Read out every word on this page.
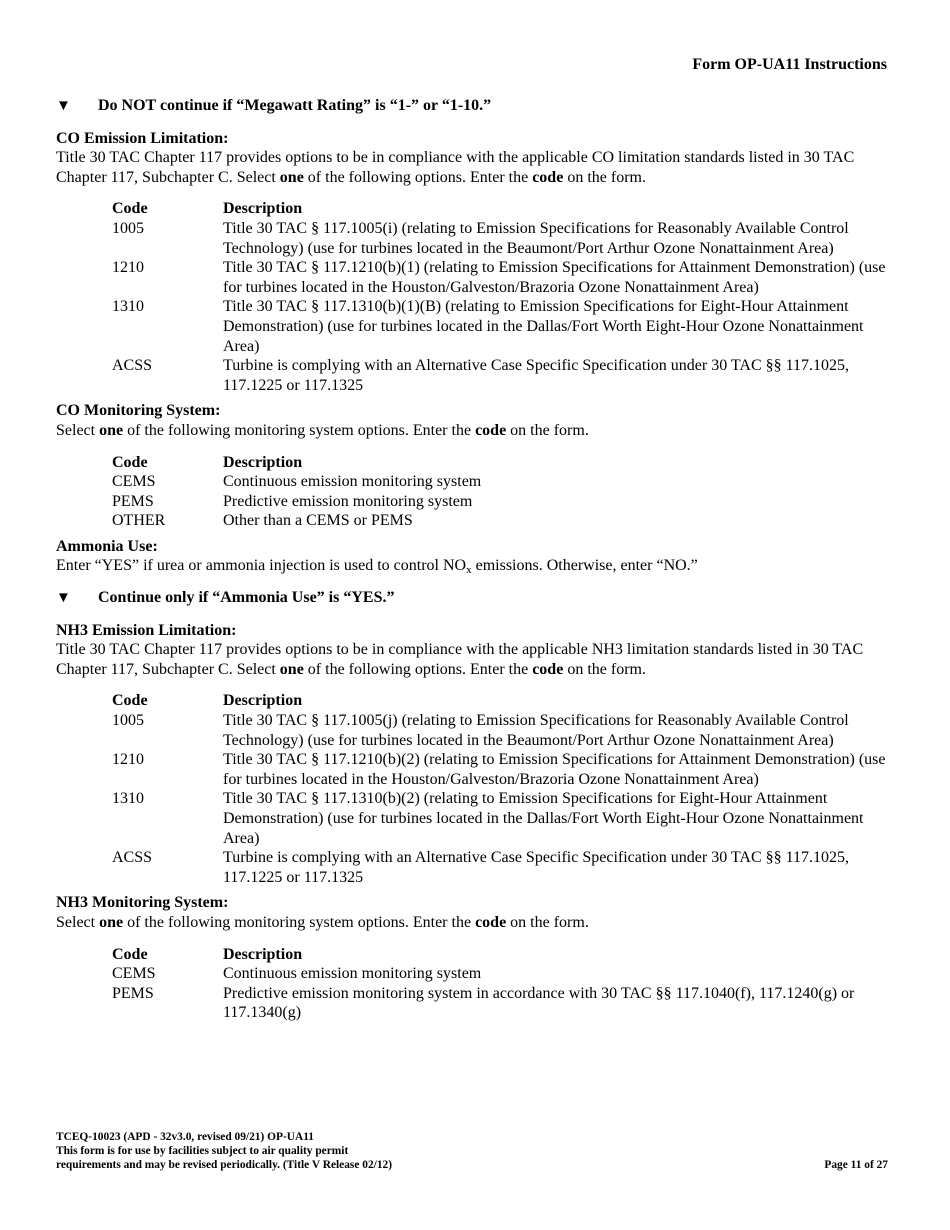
Form OP-UA11 Instructions
▼	Do NOT continue if “Megawatt Rating” is “1-” or “1-10.”
CO Emission Limitation:
Title 30 TAC Chapter 117 provides options to be in compliance with the applicable CO limitation standards listed in 30 TAC Chapter 117, Subchapter C. Select one of the following options. Enter the code on the form.
Code	Description
1005	Title 30 TAC § 117.1005(i) (relating to Emission Specifications for Reasonably Available Control Technology) (use for turbines located in the Beaumont/Port Arthur Ozone Nonattainment Area)
1210	Title 30 TAC § 117.1210(b)(1) (relating to Emission Specifications for Attainment Demonstration) (use for turbines located in the Houston/Galveston/Brazoria Ozone Nonattainment Area)
1310	Title 30 TAC § 117.1310(b)(1)(B) (relating to Emission Specifications for Eight-Hour Attainment Demonstration) (use for turbines located in the Dallas/Fort Worth Eight-Hour Ozone Nonattainment Area)
ACSS	Turbine is complying with an Alternative Case Specific Specification under 30 TAC §§ 117.1025, 117.1225 or 117.1325
CO Monitoring System:
Select one of the following monitoring system options. Enter the code on the form.
Code	Description
CEMS	Continuous emission monitoring system
PEMS	Predictive emission monitoring system
OTHER	Other than a CEMS or PEMS
Ammonia Use:
Enter “YES” if urea or ammonia injection is used to control $NO_x$ emissions. Otherwise, enter “NO.”
▼	Continue only if “Ammonia Use” is “YES.”
NH3 Emission Limitation:
Title 30 TAC Chapter 117 provides options to be in compliance with the applicable NH3 limitation standards listed in 30 TAC Chapter 117, Subchapter C. Select one of the following options. Enter the code on the form.
Code	Description
1005	Title 30 TAC § 117.1005(j) (relating to Emission Specifications for Reasonably Available Control Technology) (use for turbines located in the Beaumont/Port Arthur Ozone Nonattainment Area)
1210	Title 30 TAC § 117.1210(b)(2) (relating to Emission Specifications for Attainment Demonstration) (use for turbines located in the Houston/Galveston/Brazoria Ozone Nonattainment Area)
1310	Title 30 TAC § 117.1310(b)(2) (relating to Emission Specifications for Eight-Hour Attainment Demonstration) (use for turbines located in the Dallas/Fort Worth Eight-Hour Ozone Nonattainment Area)
ACSS	Turbine is complying with an Alternative Case Specific Specification under 30 TAC §§ 117.1025, 117.1225 or 117.1325
NH3 Monitoring System:
Select one of the following monitoring system options. Enter the code on the form.
Code	Description
CEMS	Continuous emission monitoring system
PEMS	Predictive emission monitoring system in accordance with 30 TAC §§ 117.1040(f), 117.1240(g) or 117.1340(g)
TCEQ-10023 (APD - 32v3.0, revised 09/21) OP-UA11
This form is for use by facilities subject to air quality permit
requirements and may be revised periodically. (Title V Release 02/12)	Page 11 of 27
